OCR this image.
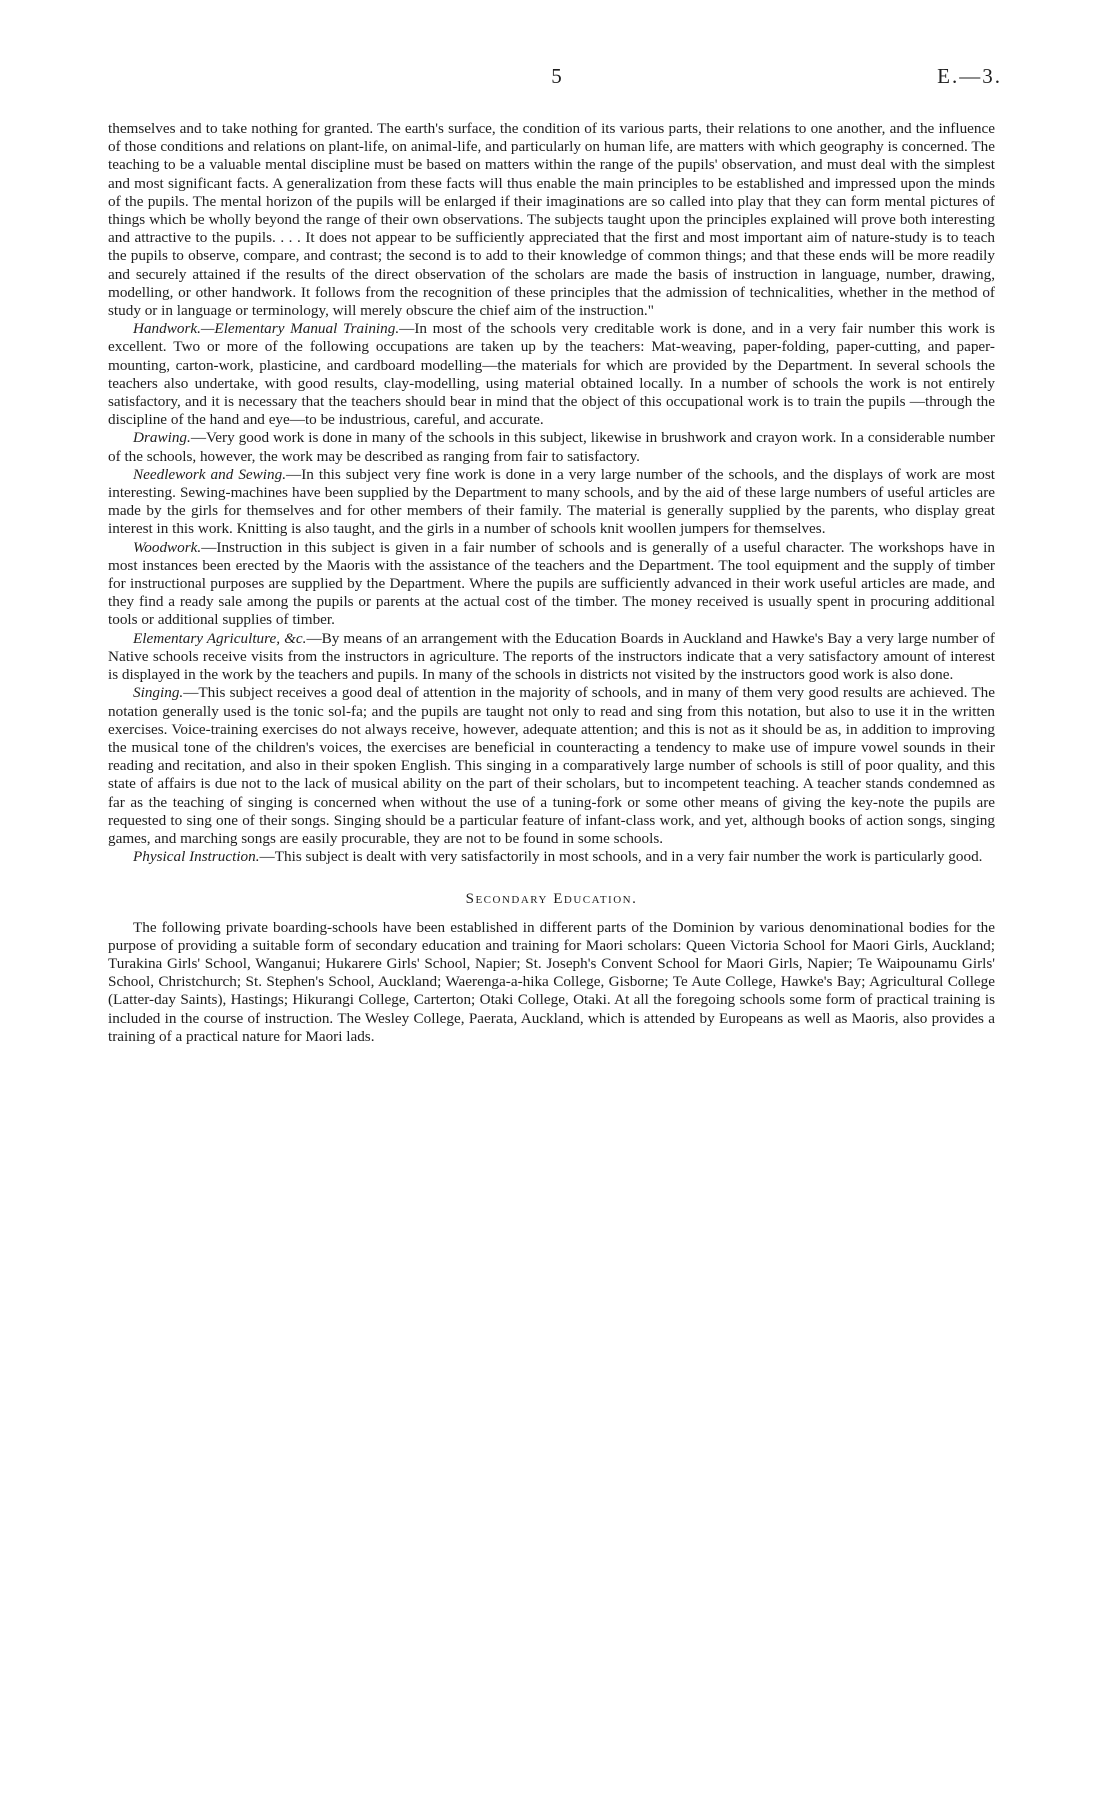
5	E.—3.

themselves and to take nothing for granted. The earth's surface, the condition of its various parts, their relations to one another, and the influence of those conditions and relations on plant-life, on animal-life, and particularly on human life, are matters with which geography is concerned. The teaching to be a valuable mental discipline must be based on matters within the range of the pupils' observation, and must deal with the simplest and most significant facts. A generalization from these facts will thus enable the main principles to be established and impressed upon the minds of the pupils. The mental horizon of the pupils will be enlarged if their imaginations are so called into play that they can form mental pictures of things which be wholly beyond the range of their own observations. The subjects taught upon the principles explained will prove both interesting and attractive to the pupils. . . . It does not appear to be sufficiently appreciated that the first and most important aim of nature-study is to teach the pupils to observe, compare, and contrast; the second is to add to their knowledge of common things; and that these ends will be more readily and securely attained if the results of the direct observation of the scholars are made the basis of instruction in language, number, drawing, modelling, or other handwork. It follows from the recognition of these principles that the admission of technicalities, whether in the method of study or in language or terminology, will merely obscure the chief aim of the instruction."

Handwork.—Elementary Manual Training.—In most of the schools very creditable work is done, and in a very fair number this work is excellent. Two or more of the following occupations are taken up by the teachers: Mat-weaving, paper-folding, paper-cutting, and paper-mounting, carton-work, plasticine, and cardboard modelling—the materials for which are provided by the Department. In several schools the teachers also undertake, with good results, clay-modelling, using material obtained locally. In a number of schools the work is not entirely satisfactory, and it is necessary that the teachers should bear in mind that the object of this occupational work is to train the pupils —through the discipline of the hand and eye—to be industrious, careful, and accurate.

Drawing.—Very good work is done in many of the schools in this subject, likewise in brushwork and crayon work. In a considerable number of the schools, however, the work may be described as ranging from fair to satisfactory.

Needlework and Sewing.—In this subject very fine work is done in a very large number of the schools, and the displays of work are most interesting. Sewing-machines have been supplied by the Department to many schools, and by the aid of these large numbers of useful articles are made by the girls for themselves and for other members of their family. The material is generally supplied by the parents, who display great interest in this work. Knitting is also taught, and the girls in a number of schools knit woollen jumpers for themselves.

Woodwork.—Instruction in this subject is given in a fair number of schools and is generally of a useful character. The workshops have in most instances been erected by the Maoris with the assistance of the teachers and the Department. The tool equipment and the supply of timber for instructional purposes are supplied by the Department. Where the pupils are sufficiently advanced in their work useful articles are made, and they find a ready sale among the pupils or parents at the actual cost of the timber. The money received is usually spent in procuring additional tools or additional supplies of timber.

Elementary Agriculture, &c.—By means of an arrangement with the Education Boards in Auckland and Hawke's Bay a very large number of Native schools receive visits from the instructors in agriculture. The reports of the instructors indicate that a very satisfactory amount of interest is displayed in the work by the teachers and pupils. In many of the schools in districts not visited by the instructors good work is also done.

Singing.—This subject receives a good deal of attention in the majority of schools, and in many of them very good results are achieved. The notation generally used is the tonic sol-fa; and the pupils are taught not only to read and sing from this notation, but also to use it in the written exercises. Voice-training exercises do not always receive, however, adequate attention; and this is not as it should be as, in addition to improving the musical tone of the children's voices, the exercises are beneficial in counteracting a tendency to make use of impure vowel sounds in their reading and recitation, and also in their spoken English. This singing in a comparatively large number of schools is still of poor quality, and this state of affairs is due not to the lack of musical ability on the part of their scholars, but to incompetent teaching. A teacher stands condemned as far as the teaching of singing is concerned when without the use of a tuning-fork or some other means of giving the key-note the pupils are requested to sing one of their songs. Singing should be a particular feature of infant-class work, and yet, although books of action songs, singing games, and marching songs are easily procurable, they are not to be found in some schools.

Physical Instruction.—This subject is dealt with very satisfactorily in most schools, and in a very fair number the work is particularly good.

Secondary Education.

The following private boarding-schools have been established in different parts of the Dominion by various denominational bodies for the purpose of providing a suitable form of secondary education and training for Maori scholars: Queen Victoria School for Maori Girls, Auckland; Turakina Girls' School, Wanganui; Hukarere Girls' School, Napier; St. Joseph's Convent School for Maori Girls, Napier; Te Waipounamu Girls' School, Christchurch; St. Stephen's School, Auckland; Waerenga-a-hika College, Gisborne; Te Aute College, Hawke's Bay; Agricultural College (Latter-day Saints), Hastings; Hikurangi College, Carterton; Otaki College, Otaki. At all the foregoing schools some form of practical training is included in the course of instruction. The Wesley College, Paerata, Auckland, which is attended by Europeans as well as Maoris, also provides a training of a practical nature for Maori lads.
